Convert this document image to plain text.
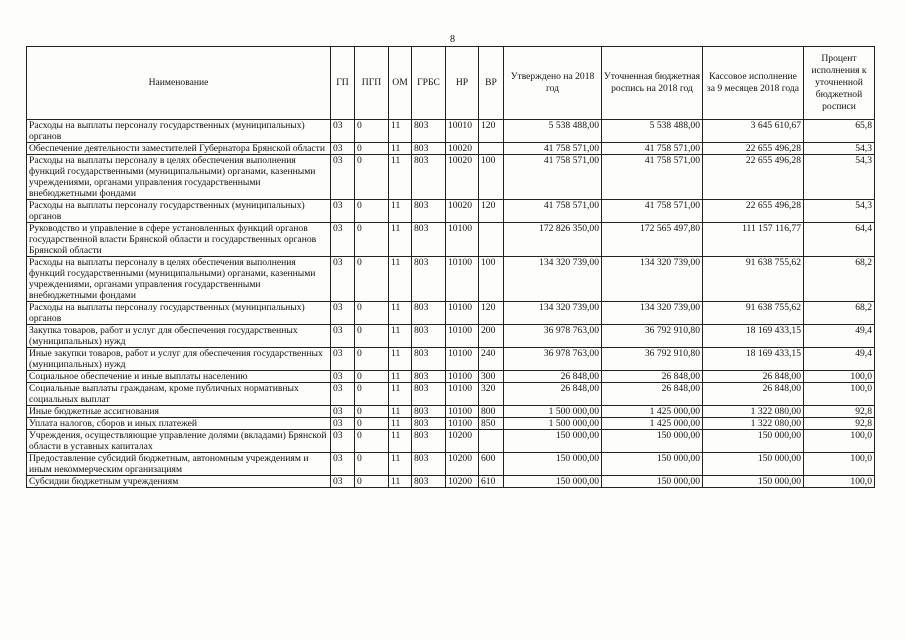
8
Наименование	ГП	ПГП	ОМ	ГРБС	НР	ВР	Утверждено на 2018 год	Уточненная бюджетная роспись на 2018 год	Кассовое исполнение за 9 месяцев 2018 года	Процент исполнения к уточненной бюджетной росписи
Расходы на выплаты персоналу государственных (муниципальных) органов	03	0	11	803	10010	120	5 538 488,00	5 538 488,00	3 645 610,67	65,8
Обеспечение деятельности заместителей Губернатора Брянской области	03	0	11	803	10020		41 758 571,00	41 758 571,00	22 655 496,28	54,3
Расходы на выплаты персоналу в целях обеспечения выполнения функций государственными (муниципальными) органами, казенными учреждениями, органами управления государственными внебюджетными фондами	03	0	11	803	10020	100	41 758 571,00	41 758 571,00	22 655 496,28	54,3
Расходы на выплаты персоналу государственных (муниципальных) органов	03	0	11	803	10020	120	41 758 571,00	41 758 571,00	22 655 496,28	54,3
Руководство и управление в сфере установленных функций органов государственной власти Брянской области и государственных органов Брянской области	03	0	11	803	10100		172 826 350,00	172 565 497,80	111 157 116,77	64,4
Расходы на выплаты персоналу в целях обеспечения выполнения функций государственными (муниципальными) органами, казенными учреждениями, органами управления государственными внебюджетными фондами	03	0	11	803	10100	100	134 320 739,00	134 320 739,00	91 638 755,62	68,2
Расходы на выплаты персоналу государственных (муниципальных) органов	03	0	11	803	10100	120	134 320 739,00	134 320 739,00	91 638 755,62	68,2
Закупка товаров, работ и услуг для обеспечения государственных (муниципальных) нужд	03	0	11	803	10100	200	36 978 763,00	36 792 910,80	18 169 433,15	49,4
Иные закупки товаров, работ и услуг для обеспечения государственных (муниципальных) нужд	03	0	11	803	10100	240	36 978 763,00	36 792 910,80	18 169 433,15	49,4
Социальное обеспечение и иные выплаты населению	03	0	11	803	10100	300	26 848,00	26 848,00	26 848,00	100,0
Социальные выплаты гражданам, кроме публичных нормативных социальных выплат	03	0	11	803	10100	320	26 848,00	26 848,00	26 848,00	100,0
Иные бюджетные ассигнования	03	0	11	803	10100	800	1 500 000,00	1 425 000,00	1 322 080,00	92,8
Уплата налогов, сборов и иных платежей	03	0	11	803	10100	850	1 500 000,00	1 425 000,00	1 322 080,00	92,8
Учреждения, осуществляющие управление долями (вкладами) Брянской области в уставных капиталах	03	0	11	803	10200		150 000,00	150 000,00	150 000,00	100,0
Предоставление субсидий бюджетным, автономным учреждениям и иным некоммерческим организациям	03	0	11	803	10200	600	150 000,00	150 000,00	150 000,00	100,0
Субсидии бюджетным учреждениям	03	0	11	803	10200	610	150 000,00	150 000,00	150 000,00	100,0
